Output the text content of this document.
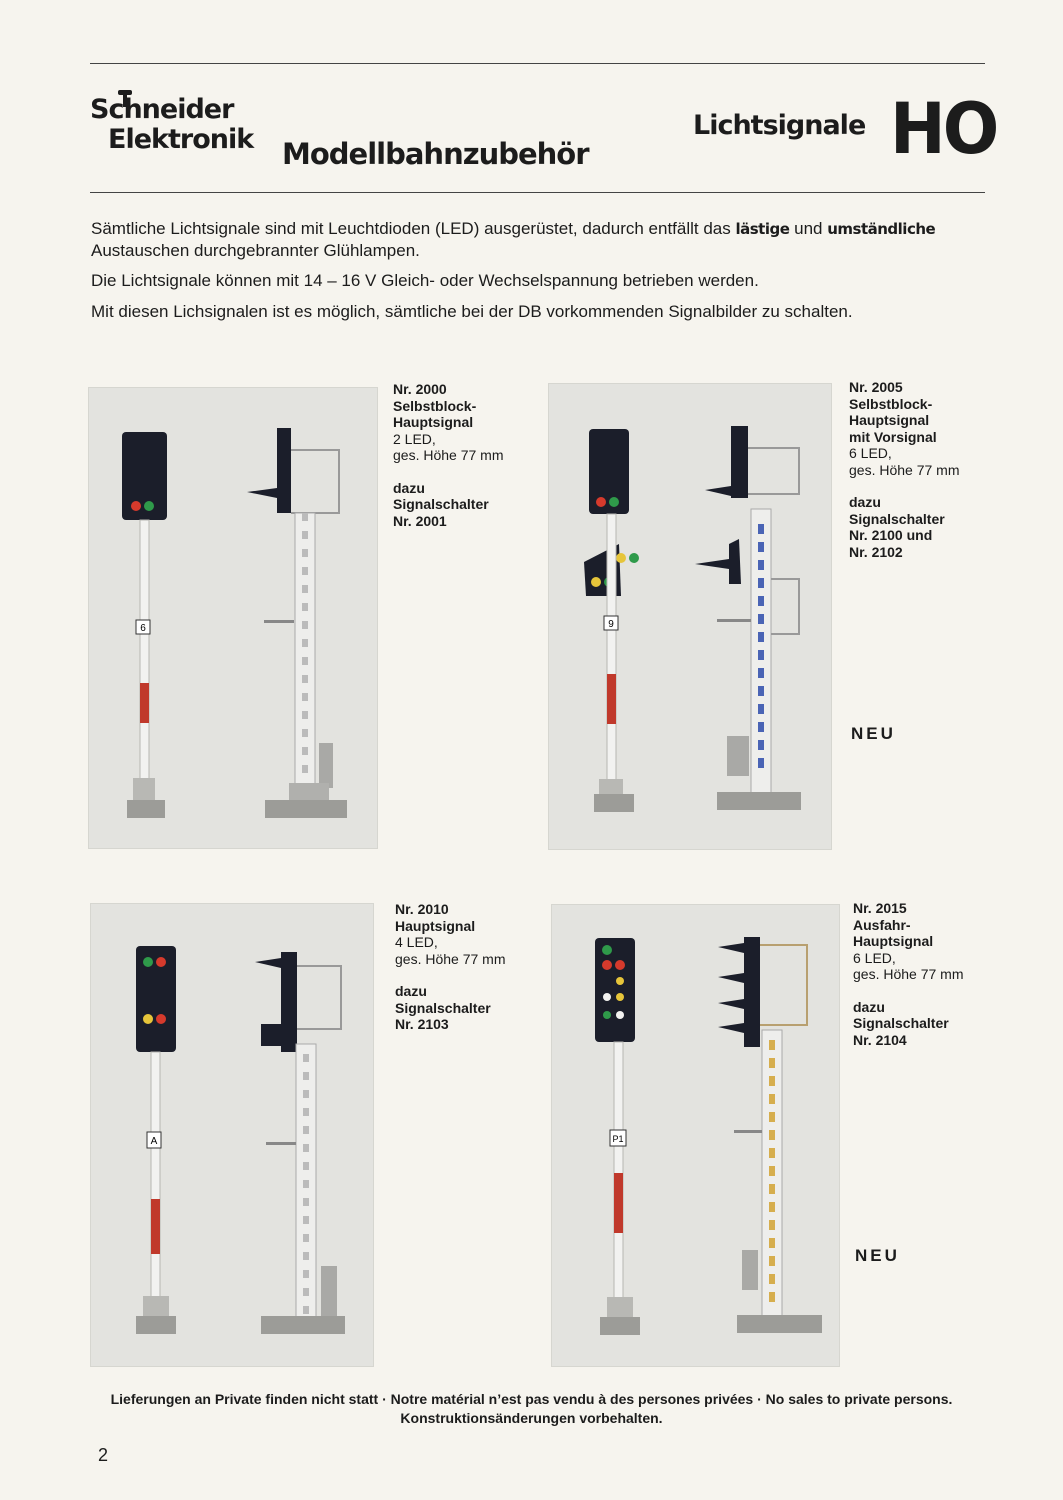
Schneider
Elektronik Modellbahnzubehör
Lichtsignale HO

Sämtliche Lichtsignale sind mit Leuchtdioden (LED) ausgerüstet, dadurch entfällt das lästige und umständliche Austauschen durchgebrannter Glühlampen.

Die Lichtsignale können mit 14 – 16 V Gleich- oder Wechselspannung betrieben werden.

Mit diesen Lichsignalen ist es möglich, sämtliche bei der DB vorkommenden Signalbilder zu schalten.

6	9
A	P1
Nr. 2000
Selbstblock-
Hauptsignal
2 LED,
ges. Höhe 77 mm
dazu
Signalschalter
Nr. 2001
Nr. 2005
Selbstblock-
Hauptsignal
mit Vorsignal
6 LED,
ges. Höhe 77 mm
dazu
Signalschalter
Nr. 2100 und
Nr. 2102
NEU
Nr. 2010
Hauptsignal
4 LED,
ges. Höhe 77 mm
dazu
Signalschalter
Nr. 2103
Nr. 2015
Ausfahr-
Hauptsignal
6 LED,
ges. Höhe 77 mm
dazu
Signalschalter
Nr. 2104
NEU
Lieferungen an Private finden nicht statt · Notre matérial n’est pas vendu à des persones privées · No sales to private persons.
Konstruktionsänderungen vorbehalten.
2
